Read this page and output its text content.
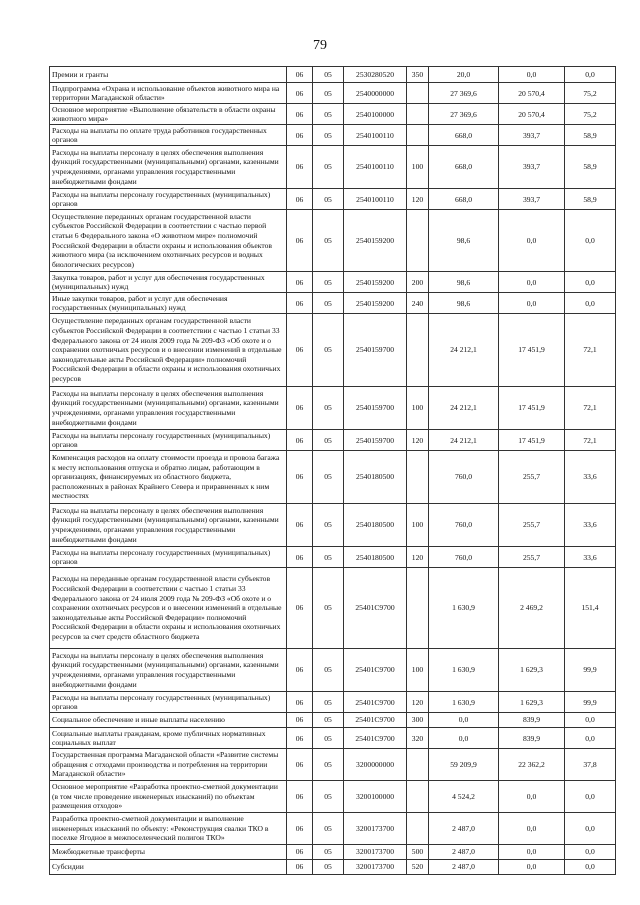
79
Премии и гранты	06	05	2530280520	350	20,0	0,0	0,0
Подпрограмма «Охрана и использование объектов животного мира на территории Магаданской области»	06	05	2540000000		27 369,6	20 570,4	75,2
Основное мероприятие «Выполнение обязательств в области охраны животного мира»	06	05	2540100000		27 369,6	20 570,4	75,2
Расходы на выплаты по оплате труда работников государственных органов	06	05	2540100110		668,0	393,7	58,9
Расходы на выплаты персоналу в целях обеспечения выполнения функций государственными (муниципальными) органами, казенными учреждениями, органами управления государственными внебюджетными фондами	06	05	2540100110	100	668,0	393,7	58,9
Расходы на выплаты персоналу государственных (муниципальных) органов	06	05	2540100110	120	668,0	393,7	58,9
Осуществление переданных органам государственной власти субъектов Российской Федерации в соответствии с частью первой статьи 6 Федерального закона «О животном мире» полномочий Российской Федерации в области охраны и использования объектов животного мира (за исключением охотничьих ресурсов и водных биологических ресурсов)	06	05	2540159200		98,6	0,0	0,0
Закупка товаров, работ и услуг для обеспечения государственных (муниципальных) нужд	06	05	2540159200	200	98,6	0,0	0,0
Иные закупки товаров, работ и услуг для обеспечения государственных (муниципальных) нужд	06	05	2540159200	240	98,6	0,0	0,0
Осуществление переданных органам государственной власти субъектов Российской Федерации в соответствии с частью 1 статьи 33 Федерального закона от 24 июля 2009 года № 209-ФЗ «Об охоте и о сохранении охотничьих ресурсов и о внесении изменений в отдельные законодательные акты Российской Федерации» полномочий Российской Федерации в области охраны и использования охотничьих ресурсов	06	05	2540159700		24 212,1	17 451,9	72,1
Расходы на выплаты персоналу в целях обеспечения выполнения функций государственными (муниципальными) органами, казенными учреждениями, органами управления государственными внебюджетными фондами	06	05	2540159700	100	24 212,1	17 451,9	72,1
Расходы на выплаты персоналу государственных (муниципальных) органов	06	05	2540159700	120	24 212,1	17 451,9	72,1
Компенсация расходов на оплату стоимости проезда и провоза багажа к месту использования отпуска и обратно лицам, работающим в организациях, финансируемых из областного бюджета, расположенных в районах Крайнего Севера и приравненных к ним местностях	06	05	2540180500		760,0	255,7	33,6
Расходы на выплаты персоналу в целях обеспечения выполнения функций государственными (муниципальными) органами, казенными учреждениями, органами управления государственными внебюджетными фондами	06	05	2540180500	100	760,0	255,7	33,6
Расходы на выплаты персоналу государственных (муниципальных) органов	06	05	2540180500	120	760,0	255,7	33,6
Расходы на переданные органам государственной власти субъектов Российской Федерации в соответствии с частью 1 статьи 33 Федерального закона от 24 июля 2009 года № 209-ФЗ «Об охоте и о сохранении охотничьих ресурсов и о внесении изменений в отдельные законодательные акты Российской Федерации» полномочий Российской Федерации в области охраны и использования охотничьих ресурсов за счет средств областного бюджета	06	05	25401C9700		1 630,9	2 469,2	151,4
Расходы на выплаты персоналу в целях обеспечения выполнения функций государственными (муниципальными) органами, казенными учреждениями, органами управления государственными внебюджетными фондами	06	05	25401C9700	100	1 630,9	1 629,3	99,9
Расходы на выплаты персоналу государственных (муниципальных) органов	06	05	25401C9700	120	1 630,9	1 629,3	99,9
Социальное обеспечение и иные выплаты населению	06	05	25401C9700	300	0,0	839,9	0,0
Социальные выплаты гражданам, кроме публичных нормативных социальных выплат	06	05	25401C9700	320	0,0	839,9	0,0
Государственная программа Магаданской области «Развитие системы обращения с отходами производства и потребления на территории Магаданской области»	06	05	3200000000		59 209,9	22 362,2	37,8
Основное мероприятие «Разработка проектно-сметной документации (в том числе проведение инженерных изысканий) по объектам размещения отходов»	06	05	3200100000		4 524,2	0,0	0,0
Разработка проектно-сметной документации и выполнение инженерных изысканий по объекту: «Реконструкция свалки ТКО в поселке Ягодное в межпоселенческий полигон ТКО»	06	05	3200173700		2 487,0	0,0	0,0
Межбюджетные трансферты	06	05	3200173700	500	2 487,0	0,0	0,0
Субсидии	06	05	3200173700	520	2 487,0	0,0	0,0
